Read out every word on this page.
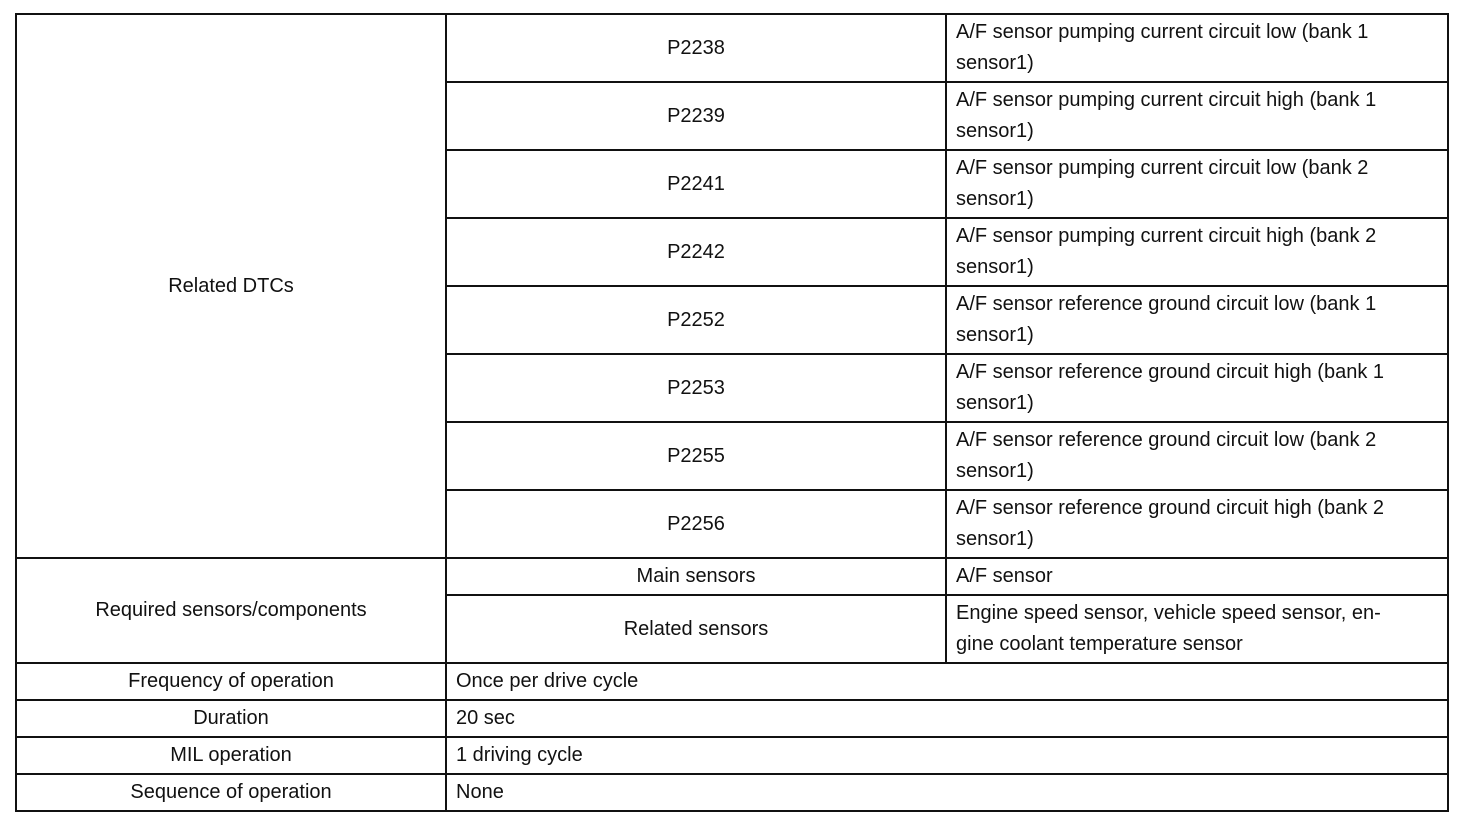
Related DTCs	P2238	A/F sensor pumping current circuit low (bank 1
sensor1)
	P2239	A/F sensor pumping current circuit high (bank 1
sensor1)
	P2241	A/F sensor pumping current circuit low (bank 2
sensor1)
	P2242	A/F sensor pumping current circuit high (bank 2
sensor1)
	P2252	A/F sensor reference ground circuit low (bank 1
sensor1)
	P2253	A/F sensor reference ground circuit high (bank 1
sensor1)
	P2255	A/F sensor reference ground circuit low (bank 2
sensor1)
	P2256	A/F sensor reference ground circuit high (bank 2
sensor1)
Required sensors/components	Main sensors	A/F sensor
	Related sensors	Engine speed sensor, vehicle speed sensor, en-
gine coolant temperature sensor
Frequency of operation	Once per drive cycle	
Duration	20 sec	
MIL operation	1 driving cycle	
Sequence of operation	None	
